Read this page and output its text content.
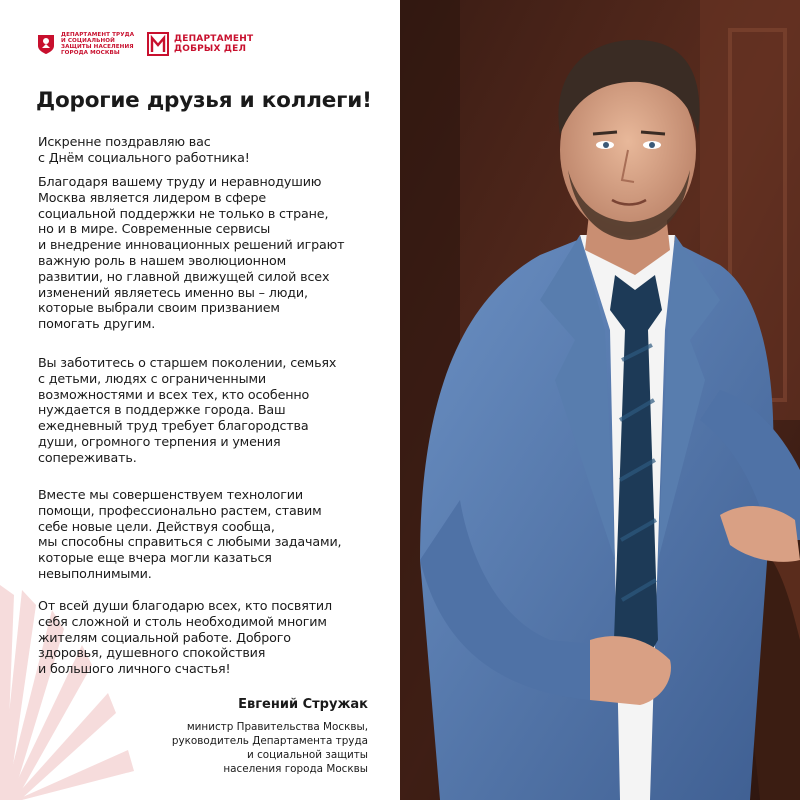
ДЕПАРТАМЕНТ ТРУДА
И СОЦИАЛЬНОЙ
ЗАЩИТЫ НАСЕЛЕНИЯ
ГОРОДА МОСКВЫ
ДЕПАРТАМЕНТ
ДОБРЫХ ДЕЛ
Дорогие друзья и коллеги!

Искренне поздравляю вас
с Днём социального работника!

Благодаря вашему труду и неравнодушию
Москва является лидером в сфере
социальной поддержки не только в стране,
но и в мире. Современные сервисы
и внедрение инновационных решений играют
важную роль в нашем эволюционном
развитии, но главной движущей силой всех
изменений являетесь именно вы – люди,
которые выбрали своим призванием
помогать другим.

Вы заботитесь о старшем поколении, семьях
с детьми, людях с ограниченными
возможностями и всех тех, кто особенно
нуждается в поддержке города. Ваш
ежедневный труд требует благородства
души, огромного терпения и умения
сопереживать.

Вместе мы совершенствуем технологии
помощи, профессионально растем, ставим
себе новые цели. Действуя сообща,
мы способны справиться с любыми задачами,
которые еще вчера могли казаться
невыполнимыми.

От всей души благодарю всех, кто посвятил
себя сложной и столь необходимой многим
жителям социальной работе. Доброго
здоровья, душевного спокойствия
и большого личного счастья!

Евгений Стружак
министр Правительства Москвы,
руководитель Департамента труда
и социальной защиты
населения города Москвы
